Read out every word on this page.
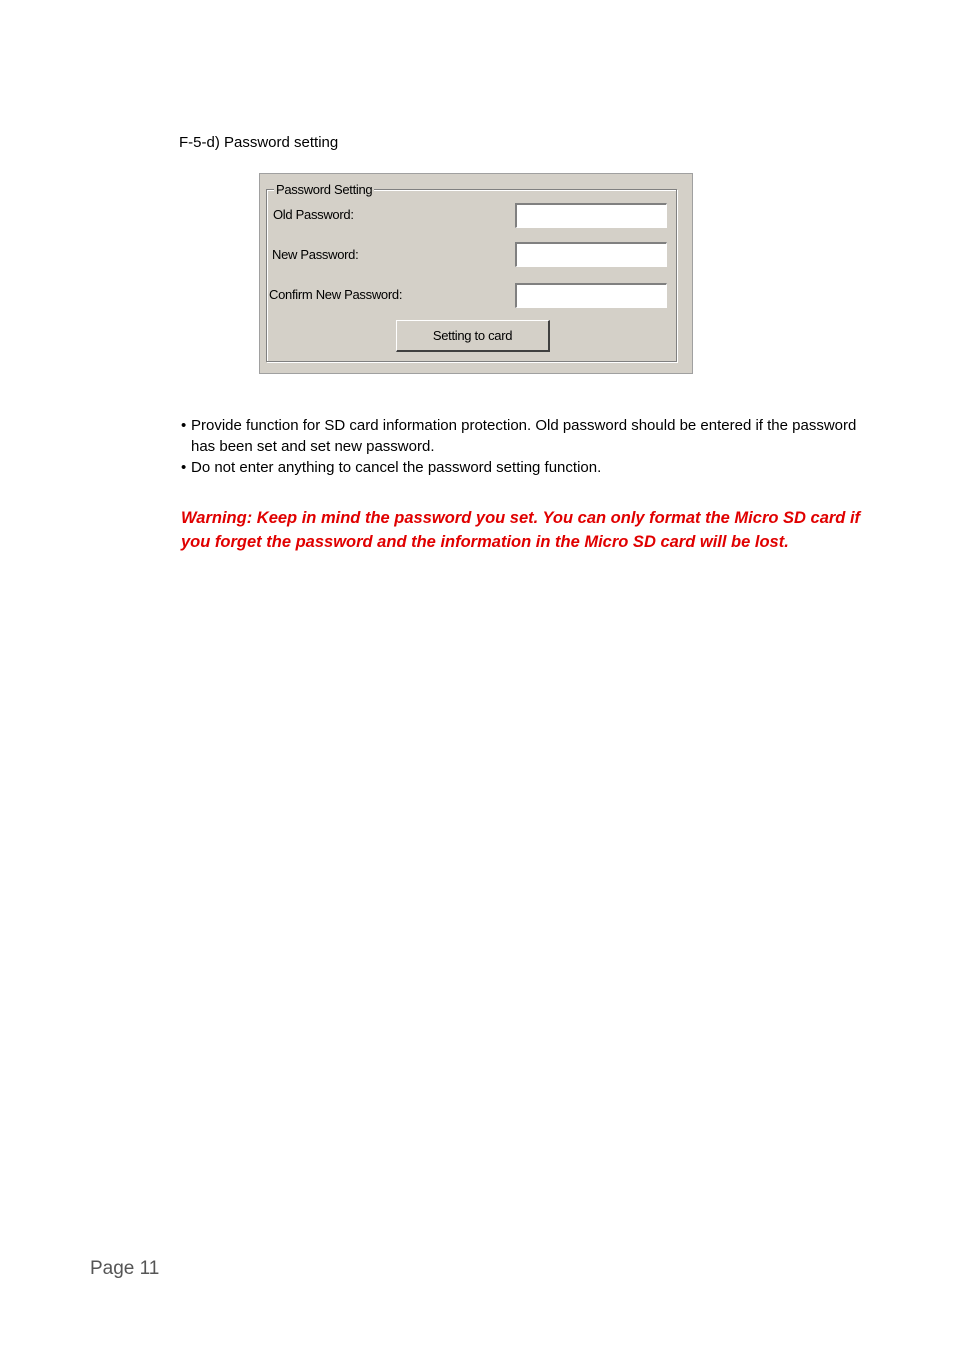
F-5-d) Password setting
Password Setting
Old Password:
New Password:
Confirm New Password:
Setting to card
• Provide function for SD card information protection. Old password should be entered if the password has been set and set new password.
• Do not enter anything to cancel the password setting function.
Warning: Keep in mind the password you set. You can only format the Micro SD card if you forget the password and the information in the Micro SD card will be lost.
Page 11
